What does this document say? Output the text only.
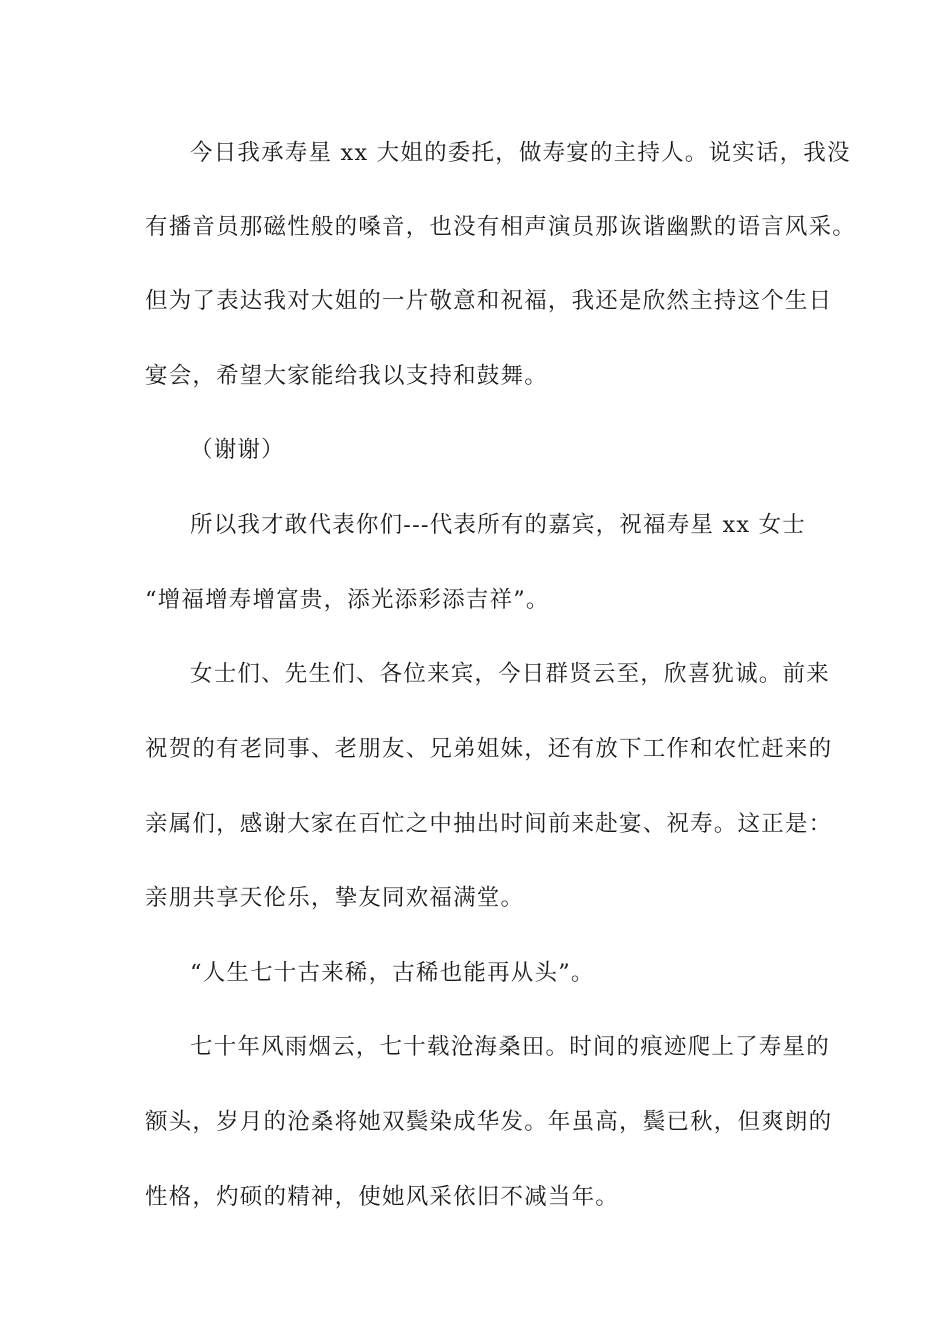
今日我承寿星 xx 大姐的委托，做寿宴的主持人。说实话，我没
有播音员那磁性般的嗓音，也没有相声演员那诙谐幽默的语言风采。
但为了表达我对大姐的一片敬意和祝福，我还是欣然主持这个生日
宴会，希望大家能给我以支持和鼓舞。
（谢谢）
所以我才敢代表你们---代表所有的嘉宾，祝福寿星 xx 女士
“增福增寿增富贵，添光添彩添吉祥”。
女士们、先生们、各位来宾，今日群贤云至，欣喜犹诚。前来
祝贺的有老同事、老朋友、兄弟姐妹，还有放下工作和农忙赶来的
亲属们，感谢大家在百忙之中抽出时间前来赴宴、祝寿。这正是：
亲朋共享天伦乐，挚友同欢福满堂。
“人生七十古来稀，古稀也能再从头”。
七十年风雨烟云，七十载沧海桑田。时间的痕迹爬上了寿星的
额头，岁月的沧桑将她双鬓染成华发。年虽高，鬓已秋，但爽朗的
性格，灼硕的精神，使她风采依旧不减当年。
